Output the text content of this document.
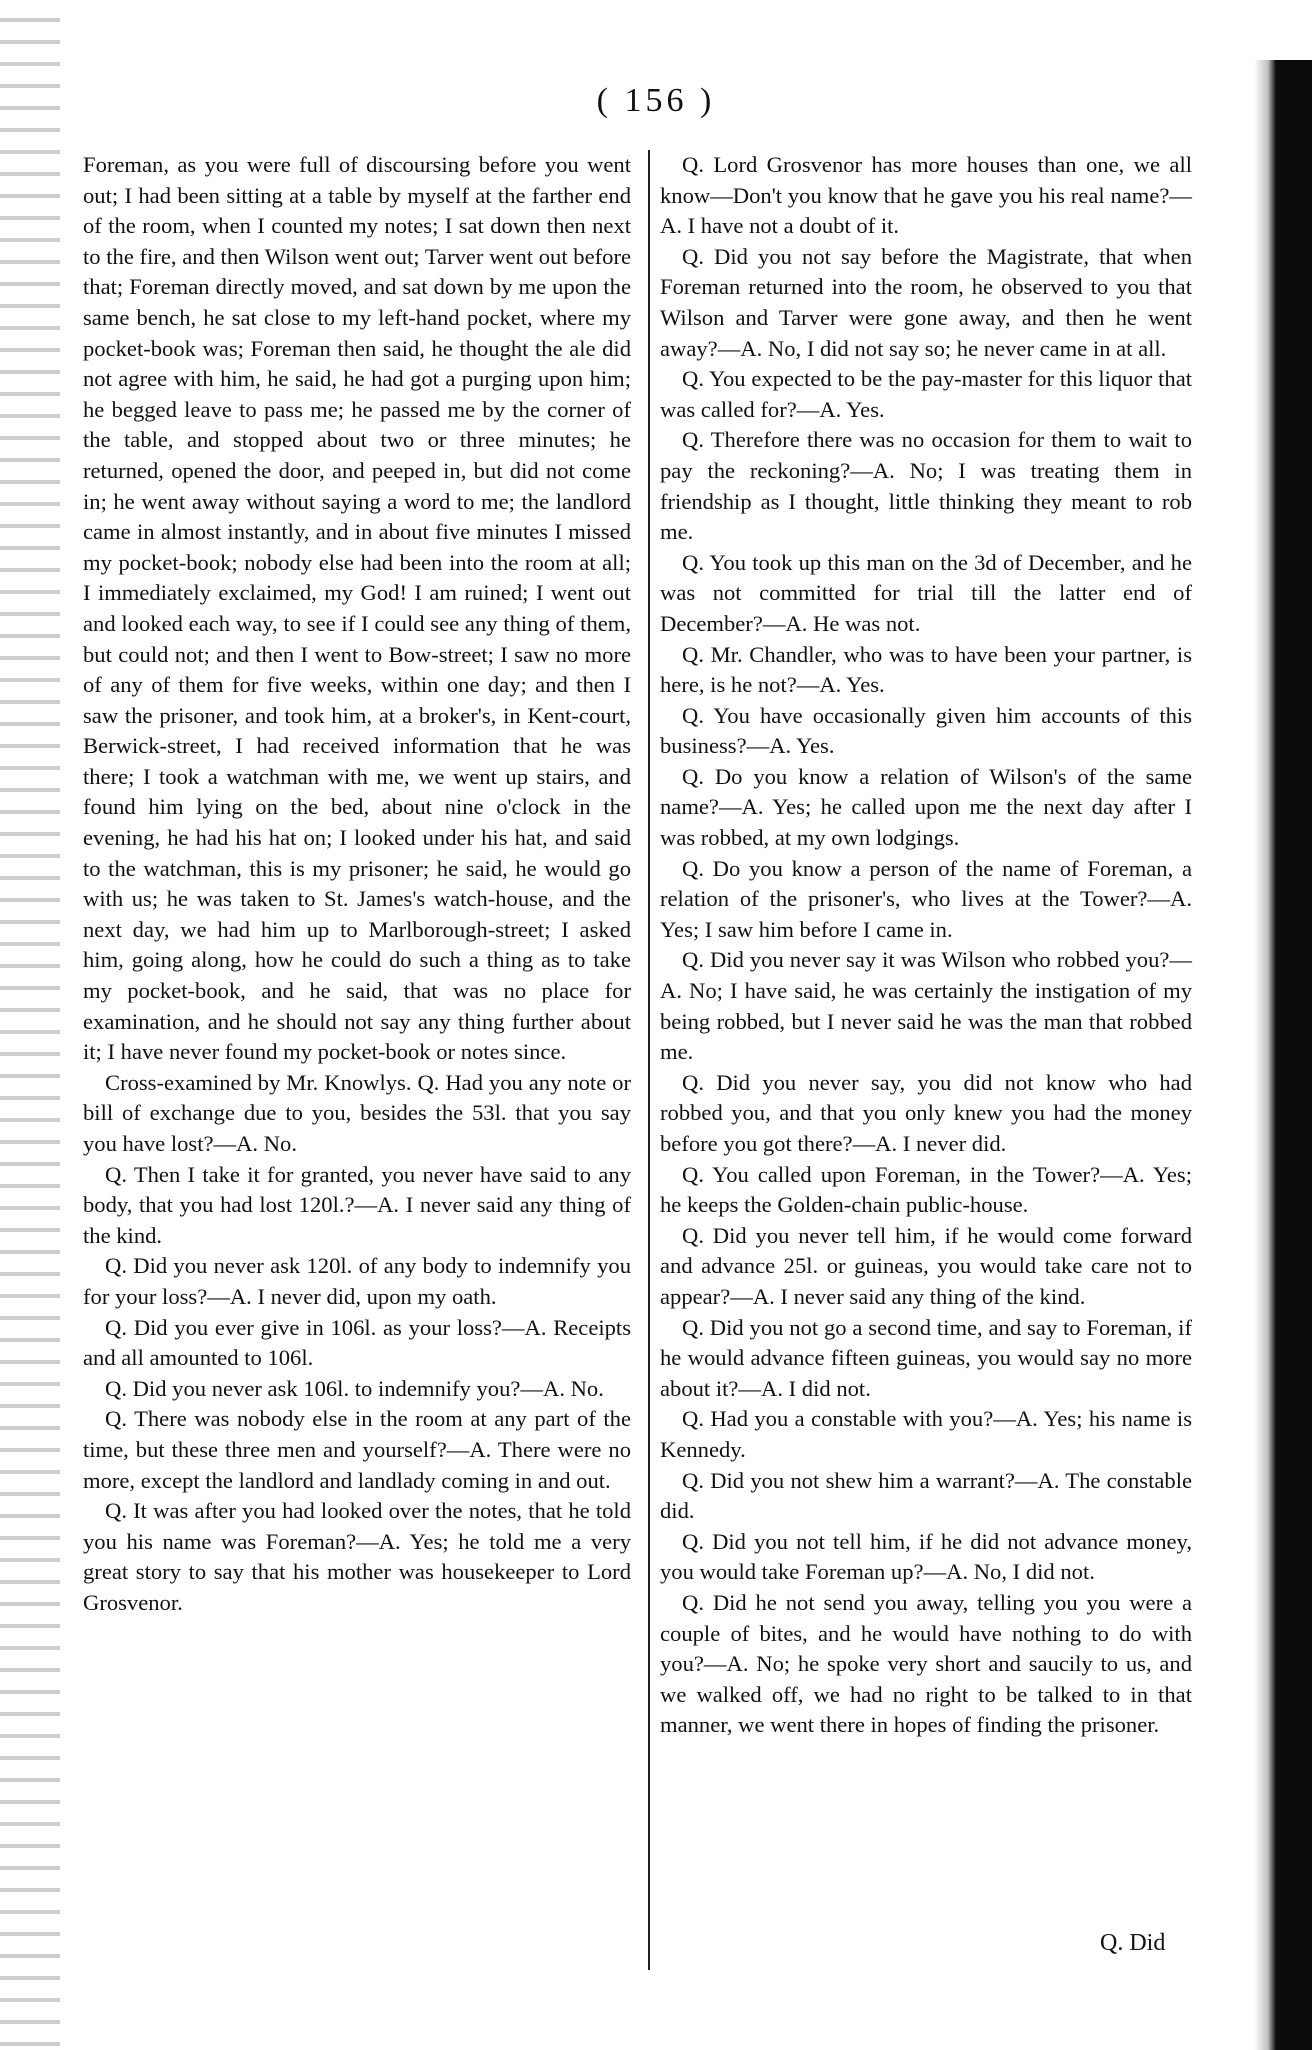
( 156 )

Foreman, as you were full of discoursing before you went out; I had been sitting at a table by myself at the farther end of the room, when I counted my notes; I sat down then next to the fire, and then Wilson went out; Tarver went out before that; Foreman directly moved, and sat down by me upon the same bench, he sat close to my left-hand pocket, where my pocket-book was; Foreman then said, he thought the ale did not agree with him, he said, he had got a purging upon him; he begged leave to pass me; he passed me by the corner of the table, and stopped about two or three minutes; he returned, opened the door, and peeped in, but did not come in; he went away without saying a word to me; the landlord came in almost instantly, and in about five minutes I missed my pocket-book; nobody else had been into the room at all; I immediately exclaimed, my God! I am ruined; I went out and looked each way, to see if I could see any thing of them, but could not; and then I went to Bow-street; I saw no more of any of them for five weeks, within one day; and then I saw the prisoner, and took him, at a broker's, in Kent-court, Berwick-street, I had received information that he was there; I took a watchman with me, we went up stairs, and found him lying on the bed, about nine o'clock in the evening, he had his hat on; I looked under his hat, and said to the watchman, this is my prisoner; he said, he would go with us; he was taken to St. James's watch-house, and the next day, we had him up to Marlborough-street; I asked him, going along, how he could do such a thing as to take my pocket-book, and he said, that was no place for examination, and he should not say any thing further about it; I have never found my pocket-book or notes since.

Cross-examined by Mr. Knowlys. Q. Had you any note or bill of exchange due to you, besides the 53l. that you say you have lost?—A. No.

Q. Then I take it for granted, you never have said to any body, that you had lost 120l.?—A. I never said any thing of the kind.

Q. Did you never ask 120l. of any body to indemnify you for your loss?—A. I never did, upon my oath.

Q. Did you ever give in 106l. as your loss?—A. Receipts and all amounted to 106l.

Q. Did you never ask 106l. to indemnify you?—A. No.

Q. There was nobody else in the room at any part of the time, but these three men and yourself?—A. There were no more, except the landlord and landlady coming in and out.

Q. It was after you had looked over the notes, that he told you his name was Foreman?—A. Yes; he told me a very great story to say that his mother was housekeeper to Lord Grosvenor.

Q. Lord Grosvenor has more houses than one, we all know—Don't you know that he gave you his real name?—A. I have not a doubt of it.

Q. Did you not say before the Magistrate, that when Foreman returned into the room, he observed to you that Wilson and Tarver were gone away, and then he went away?—A. No, I did not say so; he never came in at all.

Q. You expected to be the pay-master for this liquor that was called for?—A. Yes.

Q. Therefore there was no occasion for them to wait to pay the reckoning?—A. No; I was treating them in friendship as I thought, little thinking they meant to rob me.

Q. You took up this man on the 3d of December, and he was not committed for trial till the latter end of December?—A. He was not.

Q. Mr. Chandler, who was to have been your partner, is here, is he not?—A. Yes.

Q. You have occasionally given him accounts of this business?—A. Yes.

Q. Do you know a relation of Wilson's of the same name?—A. Yes; he called upon me the next day after I was robbed, at my own lodgings.

Q. Do you know a person of the name of Foreman, a relation of the prisoner's, who lives at the Tower?—A. Yes; I saw him before I came in.

Q. Did you never say it was Wilson who robbed you?—A. No; I have said, he was certainly the instigation of my being robbed, but I never said he was the man that robbed me.

Q. Did you never say, you did not know who had robbed you, and that you only knew you had the money before you got there?—A. I never did.

Q. You called upon Foreman, in the Tower?—A. Yes; he keeps the Golden-chain public-house.

Q. Did you never tell him, if he would come forward and advance 25l. or guineas, you would take care not to appear?—A. I never said any thing of the kind.

Q. Did you not go a second time, and say to Foreman, if he would advance fifteen guineas, you would say no more about it?—A. I did not.

Q. Had you a constable with you?—A. Yes; his name is Kennedy.

Q. Did you not shew him a warrant?—A. The constable did.

Q. Did you not tell him, if he did not advance money, you would take Foreman up?—A. No, I did not.

Q. Did he not send you away, telling you you were a couple of bites, and he would have nothing to do with you?—A. No; he spoke very short and saucily to us, and we walked off, we had no right to be talked to in that manner, we went there in hopes of finding the prisoner.

Q. Did
